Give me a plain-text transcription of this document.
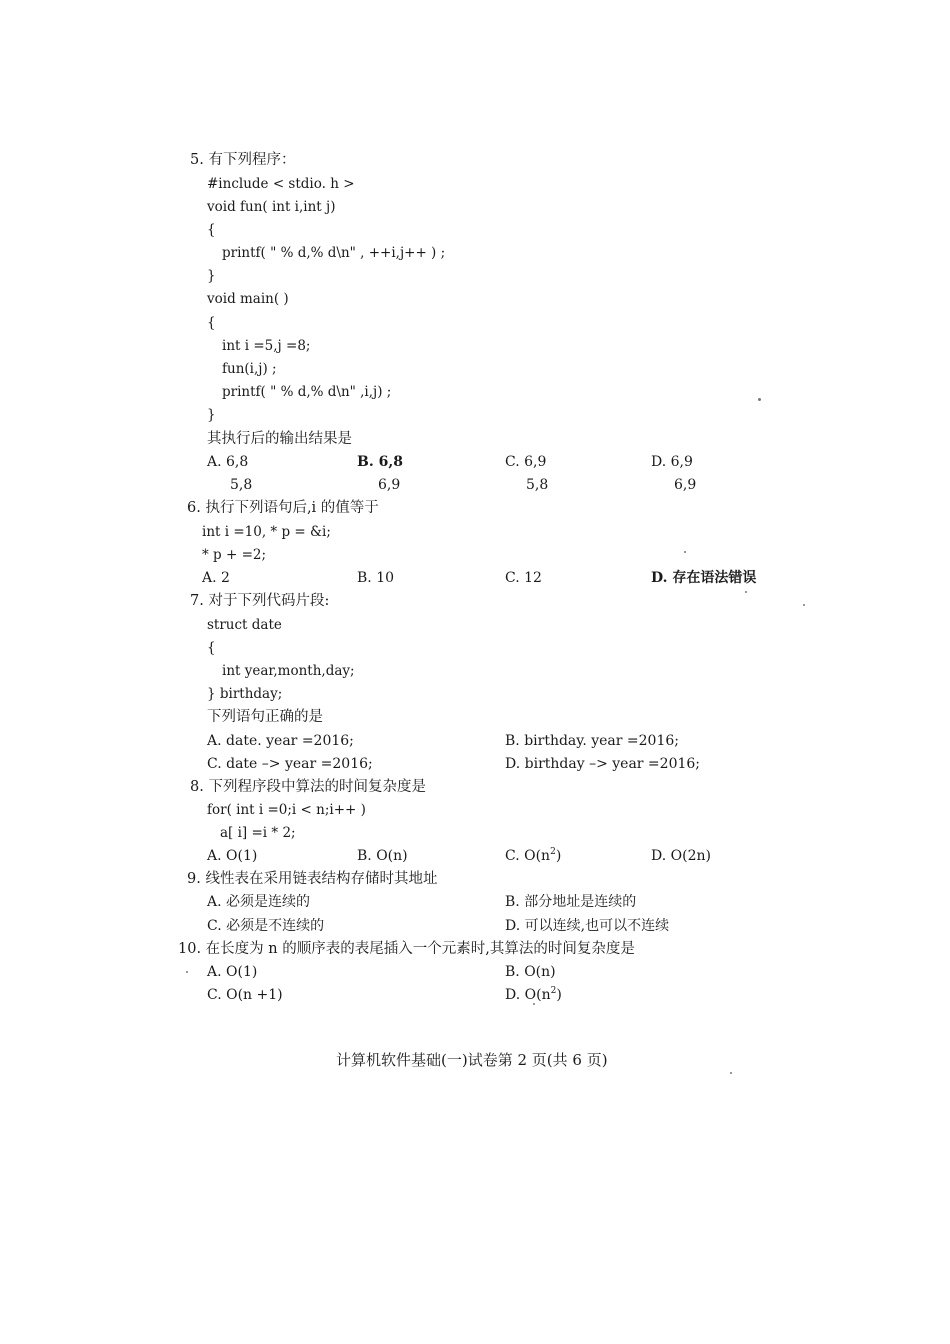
5. 有下列程序：
#include < stdio. h >
void fun( int i,int j)
{
printf( " % d,% d\n" , ++i,j++ ) ;
}
void main( )
{
int i =5,j =8;
fun(i,j) ;
printf( " % d,% d\n" ,i,j) ;
}
其执行后的输出结果是
A. 6,8
5,8
B. 6,8
6,9
C. 6,9
5,8
D. 6,9
6,9
6. 执行下列语句后,i 的值等于
int i =10, * p = &i;
* p + =2;
A. 2	B. 10	C. 12	D. 存在语法错误
7. 对于下列代码片段:
struct date
{
int year,month,day;
} birthday;
下列语句正确的是
A. date. year =2016;	B. birthday. year =2016;
C. date –> year =2016;	D. birthday –> year =2016;
8. 下列程序段中算法的时间复杂度是
for( int i =0;i < n;i++ )
a[ i] =i * 2;
A. O(1)	B. O(n)	C. $O(n^2)$	D. O(2n)
9. 线性表在采用链表结构存储时其地址
A. 必须是连续的	B. 部分地址是连续的
C. 必须是不连续的	D. 可以连续,也可以不连续
10. 在长度为 n 的顺序表的表尾插入一个元素时,其算法的时间复杂度是
A. O(1)	B. O(n)
C. O(n +1)	D. $O(n^2)$
计算机软件基础(一)试卷第 2 页(共 6 页)
